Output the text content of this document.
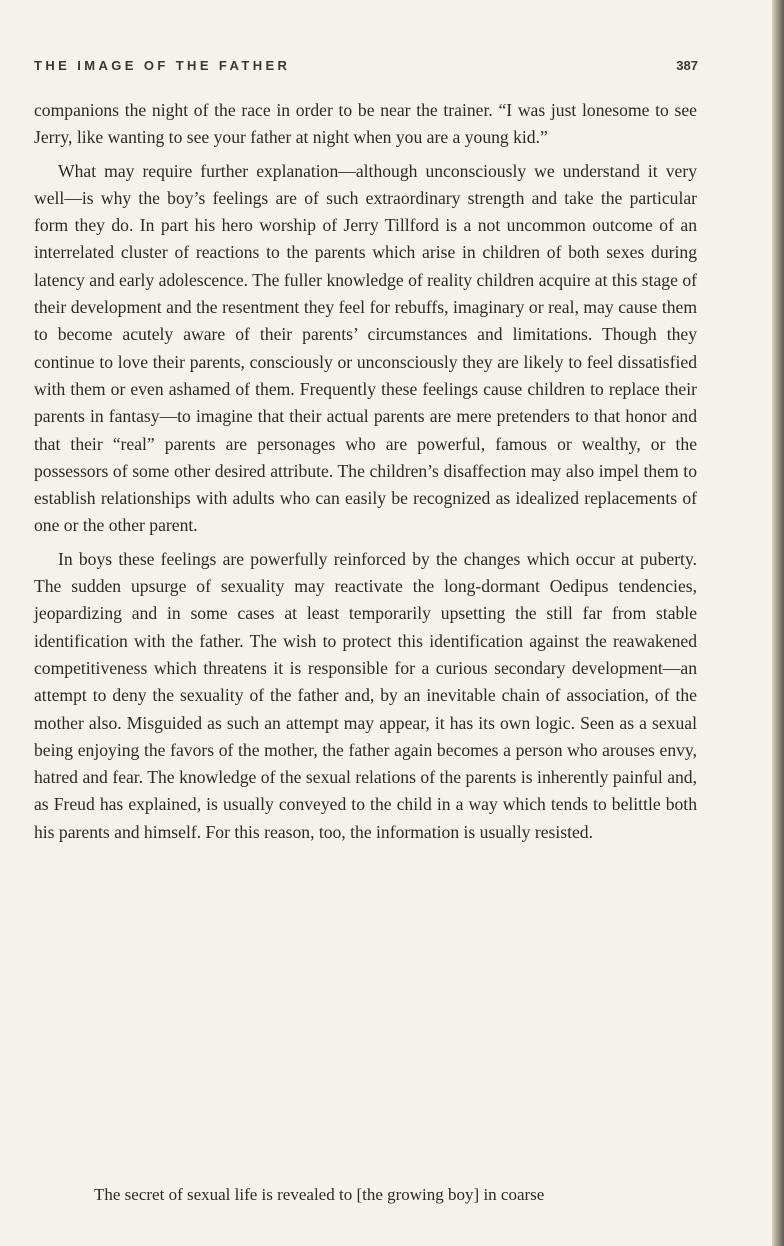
THE IMAGE OF THE FATHER	387

companions the night of the race in order to be near the trainer. “I was just lonesome to see Jerry, like wanting to see your father at night when you are a young kid.”

What may require further explanation—although unconsciously we understand it very well—is why the boy’s feelings are of such extraordinary strength and take the particular form they do. In part his hero worship of Jerry Tillford is a not uncommon outcome of an interrelated cluster of reactions to the parents which arise in children of both sexes during latency and early adolescence. The fuller knowledge of reality children acquire at this stage of their development and the resentment they feel for rebuffs, imaginary or real, may cause them to become acutely aware of their parents’ circumstances and limitations. Though they continue to love their parents, consciously or unconsciously they are likely to feel dissatisfied with them or even ashamed of them. Frequently these feelings cause children to replace their parents in fantasy—to imagine that their actual parents are mere pretenders to that honor and that their “real” parents are personages who are powerful, famous or wealthy, or the possessors of some other desired attribute. The children’s disaffection may also impel them to establish relationships with adults who can easily be recognized as idealized replacements of one or the other parent.

In boys these feelings are powerfully reinforced by the changes which occur at puberty. The sudden upsurge of sexuality may reactivate the long-dormant Oedipus tendencies, jeopardizing and in some cases at least temporarily upsetting the still far from stable identification with the father. The wish to protect this identification against the reawakened competitiveness which threatens it is responsible for a curious secondary development—an attempt to deny the sexuality of the father and, by an inevitable chain of association, of the mother also. Misguided as such an attempt may appear, it has its own logic. Seen as a sexual being enjoying the favors of the mother, the father again becomes a person who arouses envy, hatred and fear. The knowledge of the sexual relations of the parents is inherently painful and, as Freud has explained, is usually conveyed to the child in a way which tends to belittle both his parents and himself. For this reason, too, the information is usually resisted.

The secret of sexual life is revealed to [the growing boy] in coarse
